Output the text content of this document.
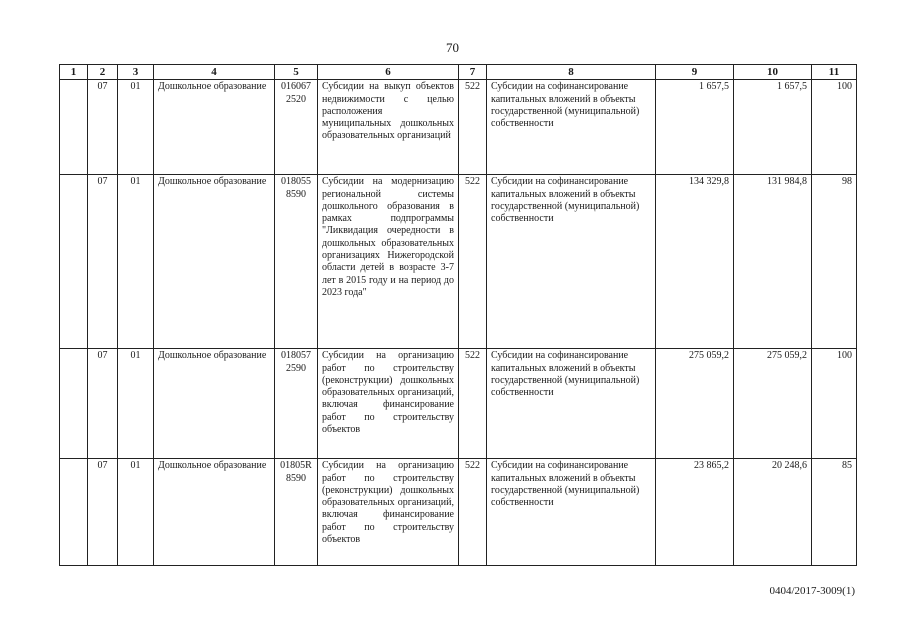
70
1	2	3	4	5	6	7	8	9	10	11
	07	01	Дошкольное образование	016067 2520	Субсидии на выкуп объектов недвижимости с целью расположения муниципальных дошкольных образовательных организаций	522	Субсидии на софинансирование капитальных вложений в объекты государственной (муниципальной) собственности	1 657,5	1 657,5	100
	07	01	Дошкольное образование	018055 8590	Субсидии на модернизацию региональной системы дошкольного образования в рамках подпрограммы "Ликвидация очередности в дошкольных образовательных организациях Нижегородской области детей в возрасте 3-7 лет в 2015 году и на период до 2023 года"	522	Субсидии на софинансирование капитальных вложений в объекты государственной (муниципальной) собственности	134 329,8	131 984,8	98
	07	01	Дошкольное образование	018057 2590	Субсидии на организацию работ по строительству (реконструкции) дошкольных образовательных организаций, включая финансирование работ по строительству объектов	522	Субсидии на софинансирование капитальных вложений в объекты государственной (муниципальной) собственности	275 059,2	275 059,2	100
	07	01	Дошкольное образование	01805R 8590	Субсидии на организацию работ по строительству (реконструкции) дошкольных образовательных организаций, включая финансирование работ по строительству объектов	522	Субсидии на софинансирование капитальных вложений в объекты государственной (муниципальной) собственности	23 865,2	20 248,6	85
0404/2017-3009(1)
